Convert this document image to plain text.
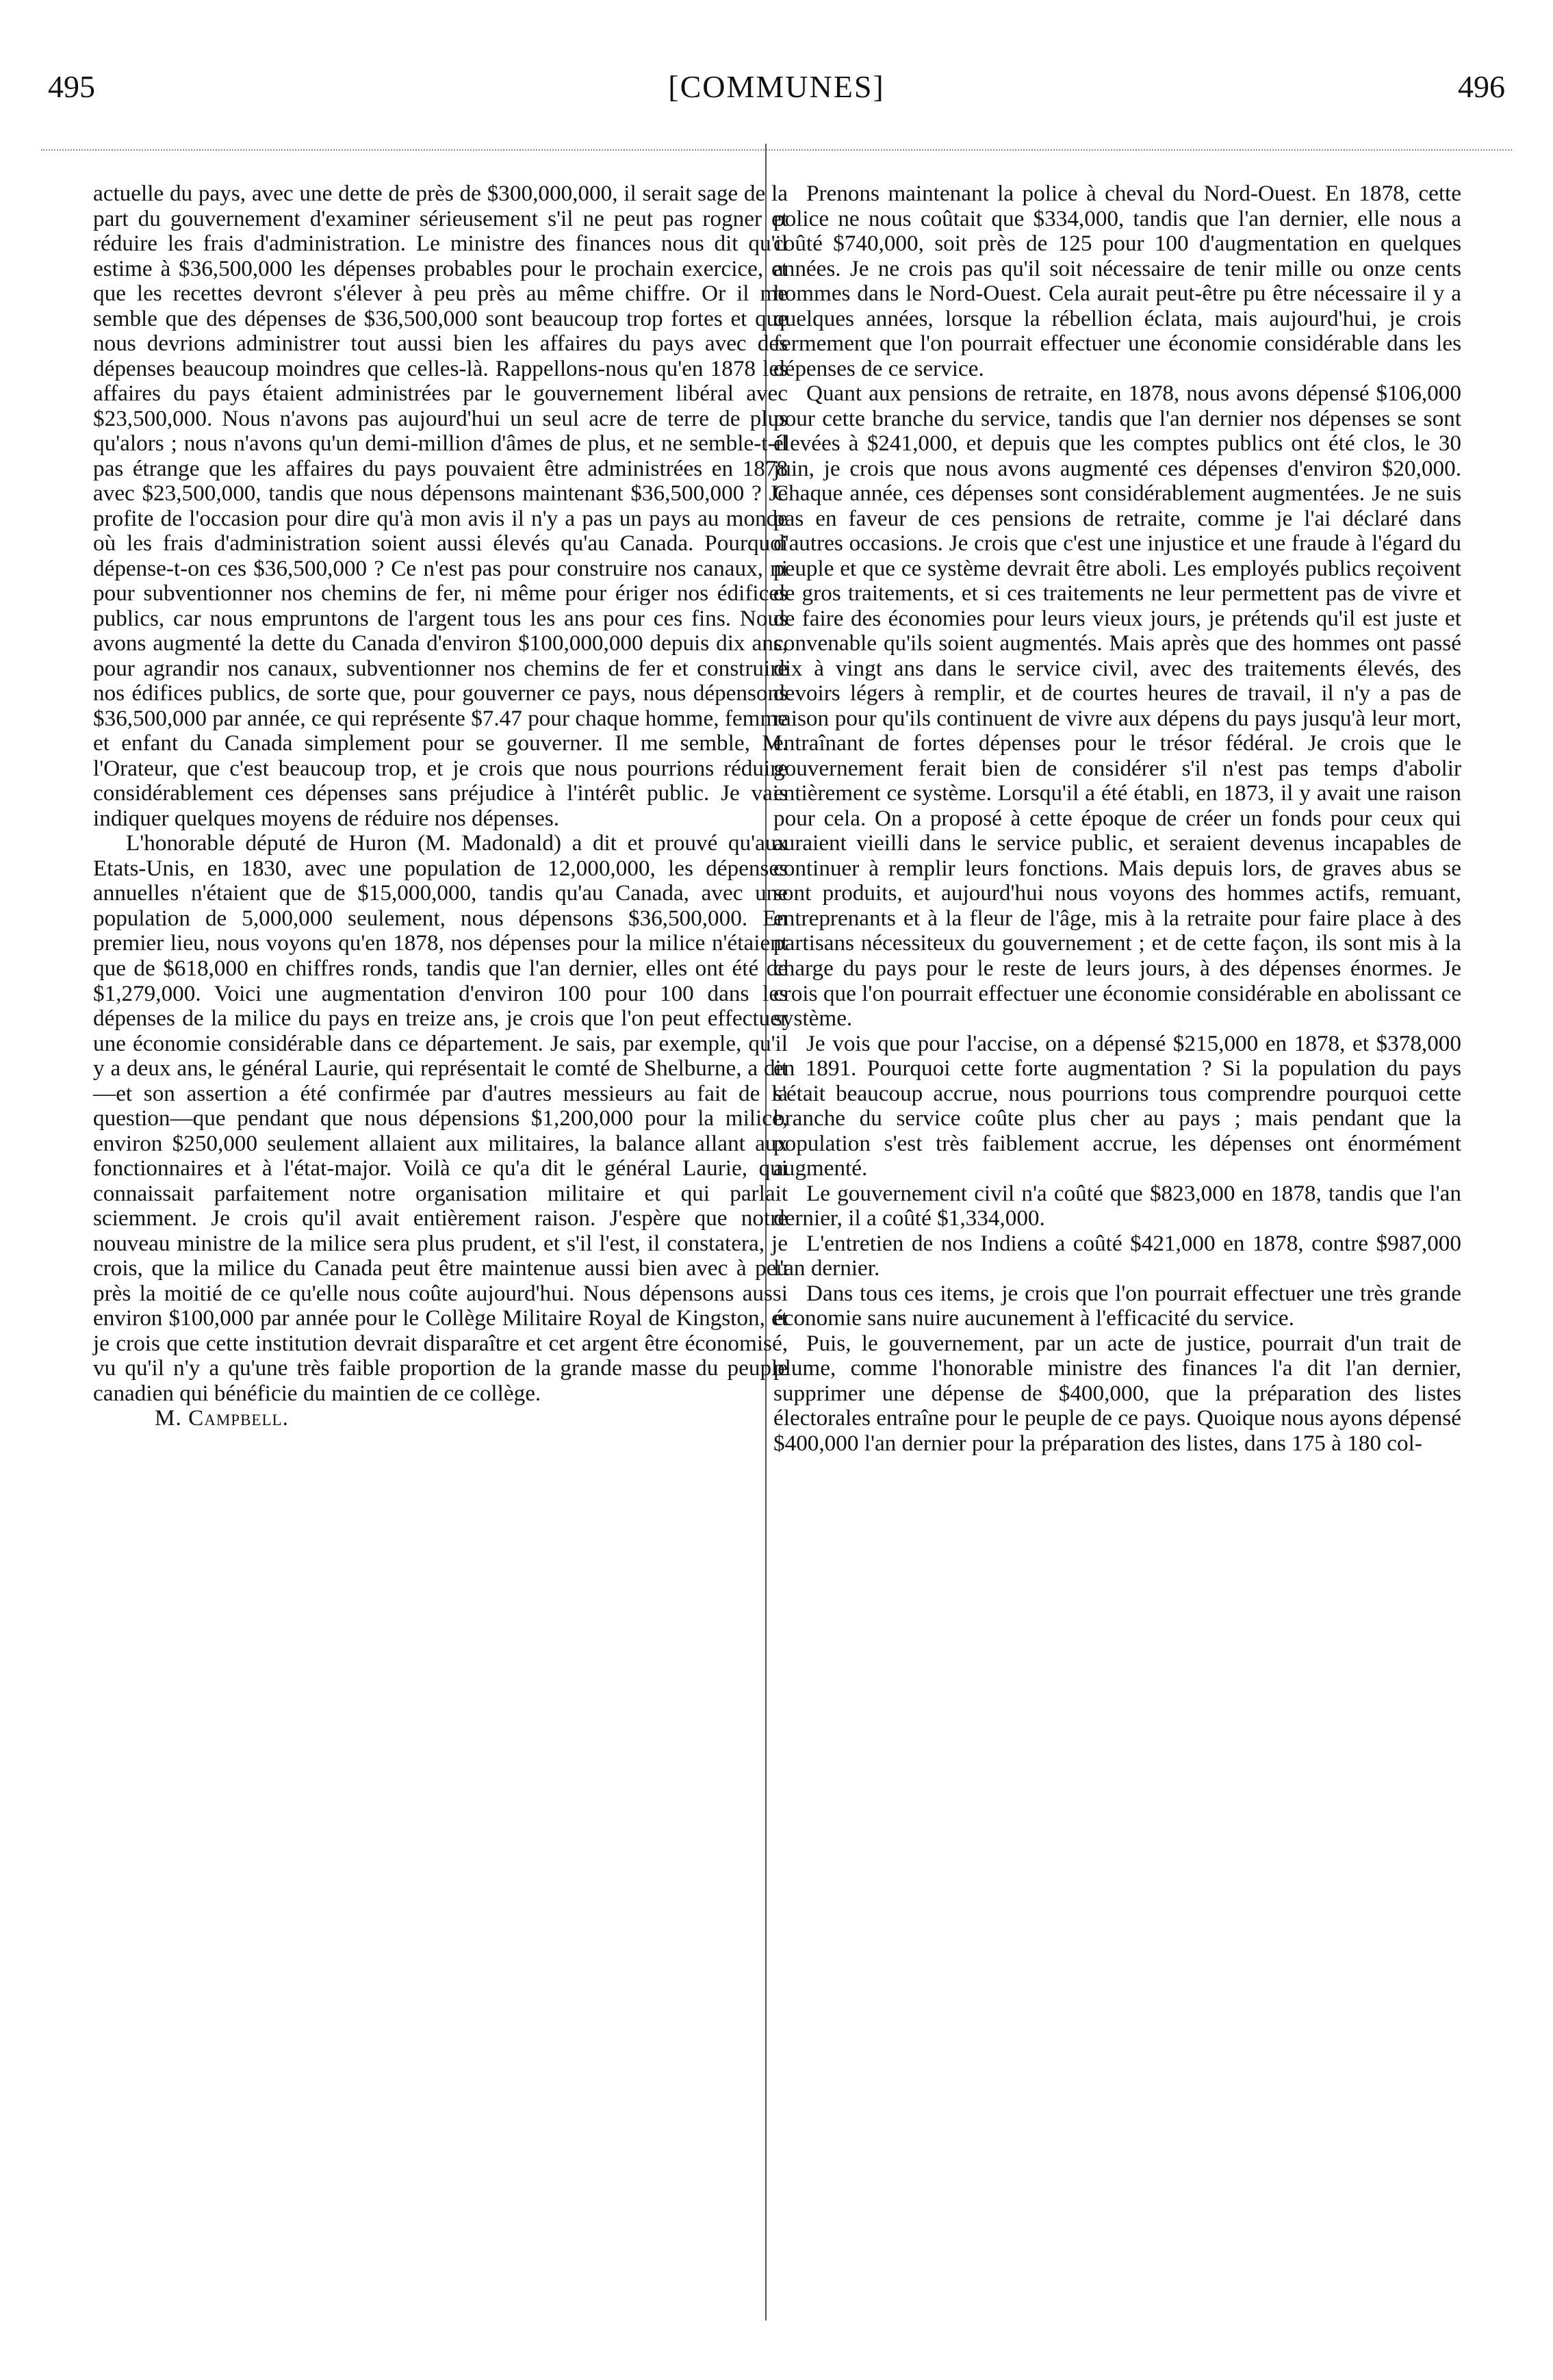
495	[COMMUNES]	496

actuelle du pays, avec une dette de près de $300,000,000, il serait sage de la part du gouvernement d'examiner sérieusement s'il ne peut pas rogner et réduire les frais d'administration. Le ministre des finances nous dit qu'il estime à $36,500,000 les dépenses probables pour le prochain exercice, et que les recettes devront s'élever à peu près au même chiffre. Or il me semble que des dépenses de $36,500,000 sont beaucoup trop fortes et que nous devrions administrer tout aussi bien les affaires du pays avec des dépenses beaucoup moindres que celles-là. Rappellons-nous qu'en 1878 les affaires du pays étaient administrées par le gouvernement libéral avec $23,500,000. Nous n'avons pas aujourd'hui un seul acre de terre de plus qu'alors ; nous n'avons qu'un demi-million d'âmes de plus, et ne semble-t-il pas étrange que les affaires du pays pouvaient être administrées en 1878 avec $23,500,000, tandis que nous dépensons maintenant $36,500,000 ? Je profite de l'occasion pour dire qu'à mon avis il n'y a pas un pays au monde où les frais d'administration soient aussi élevés qu'au Canada. Pourquoi dépense-t-on ces $36,500,000 ? Ce n'est pas pour construire nos canaux, ni pour subventionner nos chemins de fer, ni même pour ériger nos édifices publics, car nous empruntons de l'argent tous les ans pour ces fins. Nous avons augmenté la dette du Canada d'environ $100,000,000 depuis dix ans, pour agrandir nos canaux, subventionner nos chemins de fer et construire nos édifices publics, de sorte que, pour gouverner ce pays, nous dépensons $36,500,000 par année, ce qui représente $7.47 pour chaque homme, femme et enfant du Canada simplement pour se gouverner. Il me semble, M. l'Orateur, que c'est beaucoup trop, et je crois que nous pourrions réduire considérablement ces dépenses sans préjudice à l'intérêt public. Je vais indiquer quelques moyens de réduire nos dépenses.

L'honorable député de Huron (M. Madonald) a dit et prouvé qu'aux Etats-Unis, en 1830, avec une population de 12,000,000, les dépenses annuelles n'étaient que de $15,000,000, tandis qu'au Canada, avec une population de 5,000,000 seulement, nous dépensons $36,500,000. En premier lieu, nous voyons qu'en 1878, nos dépenses pour la milice n'étaient que de $618,000 en chiffres ronds, tandis que l'an dernier, elles ont été de $1,279,000. Voici une augmentation d'environ 100 pour 100 dans les dépenses de la milice du pays en treize ans, je crois que l'on peut effectuer une économie considérable dans ce département. Je sais, par exemple, qu'il y a deux ans, le général Laurie, qui représentait le comté de Shelburne, a dit—et son assertion a été confirmée par d'autres messieurs au fait de la question—que pendant que nous dépensions $1,200,000 pour la milice, environ $250,000 seulement allaient aux militaires, la balance allant aux fonctionnaires et à l'état-major. Voilà ce qu'a dit le général Laurie, qui connaissait parfaitement notre organisation militaire et qui parlait sciemment. Je crois qu'il avait entièrement raison. J'espère que notre nouveau ministre de la milice sera plus prudent, et s'il l'est, il constatera, je crois, que la milice du Canada peut être maintenue aussi bien avec à peu près la moitié de ce qu'elle nous coûte aujourd'hui. Nous dépensons aussi environ $100,000 par année pour le Collège Militaire Royal de Kingston, et je crois que cette institution devrait disparaître et cet argent être économisé, vu qu'il n'y a qu'une très faible proportion de la grande masse du peuple canadien qui bénéficie du maintien de ce collège.

M. Campbell.

Prenons maintenant la police à cheval du Nord-Ouest. En 1878, cette police ne nous coûtait que $334,000, tandis que l'an dernier, elle nous a coûté $740,000, soit près de 125 pour 100 d'augmentation en quelques années. Je ne crois pas qu'il soit nécessaire de tenir mille ou onze cents hommes dans le Nord-Ouest. Cela aurait peut-être pu être nécessaire il y a quelques années, lorsque la rébellion éclata, mais aujourd'hui, je crois fermement que l'on pourrait effectuer une économie considérable dans les dépenses de ce service.

Quant aux pensions de retraite, en 1878, nous avons dépensé $106,000 pour cette branche du service, tandis que l'an dernier nos dépenses se sont élevées à $241,000, et depuis que les comptes publics ont été clos, le 30 juin, je crois que nous avons augmenté ces dépenses d'environ $20,000. Chaque année, ces dépenses sont considérablement augmentées. Je ne suis pas en faveur de ces pensions de retraite, comme je l'ai déclaré dans d'autres occasions. Je crois que c'est une injustice et une fraude à l'égard du peuple et que ce système devrait être aboli. Les employés publics reçoivent de gros traitements, et si ces traitements ne leur permettent pas de vivre et de faire des économies pour leurs vieux jours, je prétends qu'il est juste et convenable qu'ils soient augmentés. Mais après que des hommes ont passé dix à vingt ans dans le service civil, avec des traitements élevés, des devoirs légers à remplir, et de courtes heures de travail, il n'y a pas de raison pour qu'ils continuent de vivre aux dépens du pays jusqu'à leur mort, entraînant de fortes dépenses pour le trésor fédéral. Je crois que le gouvernement ferait bien de considérer s'il n'est pas temps d'abolir entièrement ce système. Lorsqu'il a été établi, en 1873, il y avait une raison pour cela. On a proposé à cette époque de créer un fonds pour ceux qui auraient vieilli dans le service public, et seraient devenus incapables de continuer à remplir leurs fonctions. Mais depuis lors, de graves abus se sont produits, et aujourd'hui nous voyons des hommes actifs, remuant, entreprenants et à la fleur de l'âge, mis à la retraite pour faire place à des partisans nécessiteux du gouvernement ; et de cette façon, ils sont mis à la charge du pays pour le reste de leurs jours, à des dépenses énormes. Je crois que l'on pourrait effectuer une économie considérable en abolissant ce système.

Je vois que pour l'accise, on a dépensé $215,000 en 1878, et $378,000 en 1891. Pourquoi cette forte augmentation ? Si la population du pays s'était beaucoup accrue, nous pourrions tous comprendre pourquoi cette branche du service coûte plus cher au pays ; mais pendant que la population s'est très faiblement accrue, les dépenses ont énormément augmenté.

Le gouvernement civil n'a coûté que $823,000 en 1878, tandis que l'an dernier, il a coûté $1,334,000.

L'entretien de nos Indiens a coûté $421,000 en 1878, contre $987,000 l'an dernier.

Dans tous ces items, je crois que l'on pourrait effectuer une très grande économie sans nuire aucunement à l'efficacité du service.

Puis, le gouvernement, par un acte de justice, pourrait d'un trait de plume, comme l'honorable ministre des finances l'a dit l'an dernier, supprimer une dépense de $400,000, que la préparation des listes électorales entraîne pour le peuple de ce pays. Quoique nous ayons dépensé $400,000 l'an dernier pour la préparation des listes, dans 175 à 180 col-
